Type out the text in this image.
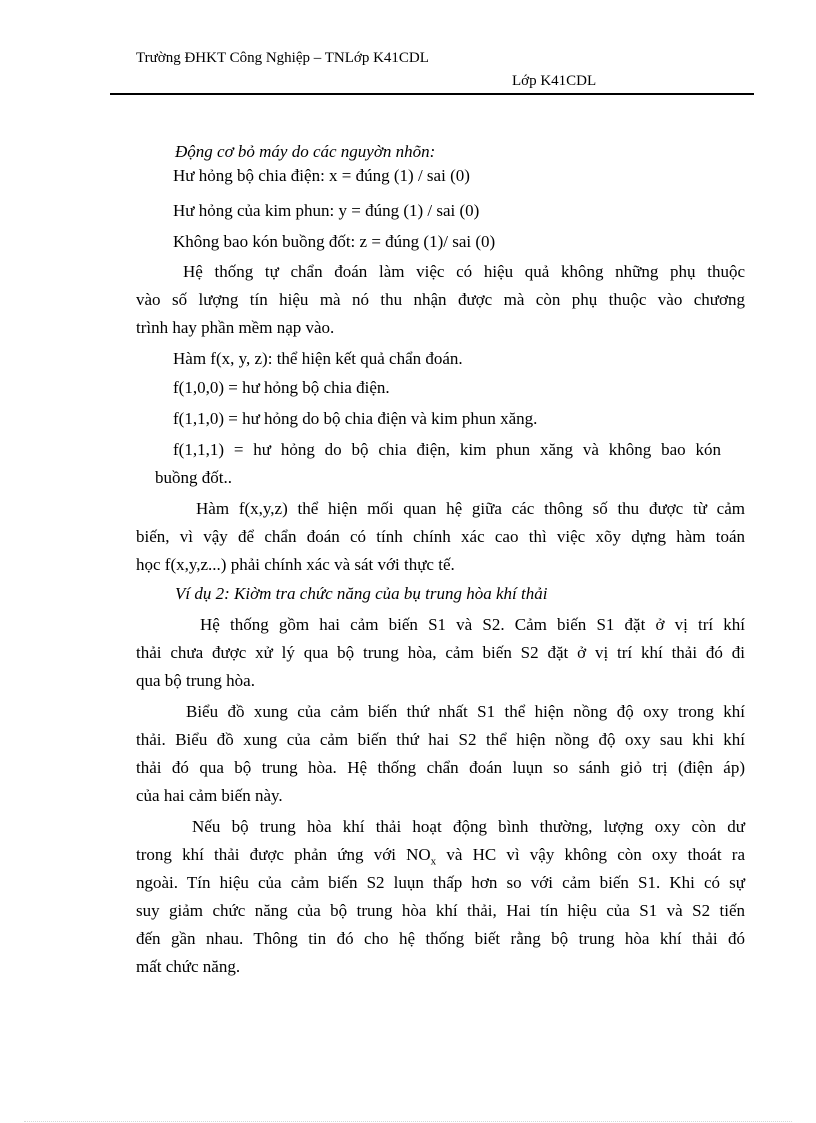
Trường ĐHKT Công Nghiệp – TNLớp K41CDL
Lớp K41CDL
Động cơ bỏ máy do các nguyờn nhõn:
Hư hỏng bộ chia điện: x = đúng (1) / sai (0)
Hư hỏng của kim phun: y = đúng (1) / sai (0)
Không bao kón buồng đốt: z = đúng (1)/ sai (0)
Hệ thống tự chẩn đoán làm việc có hiệu quả không những phụ thuộc
vào số lượng tín hiệu mà nó thu nhận được mà còn phụ thuộc vào chương
trình hay phần mềm nạp vào.
Hàm f(x, y, z): thể hiện kết quả chẩn đoán.
f(1,0,0) = hư hỏng bộ chia điện.
f(1,1,0) = hư hỏng do bộ chia điện và kim phun xăng.
f(1,1,1) = hư hỏng do bộ chia điện, kim phun xăng và không bao kón
buồng đốt..
Hàm f(x,y,z) thể hiện mối quan hệ giữa các thông số thu được từ cảm
biến, vì vậy để chẩn đoán có tính chính xác cao thì việc xõy dựng hàm toán
học f(x,y,z...) phải chính xác và sát với thực tế.
Ví dụ 2: Kiờm tra chức năng của bụ trung hòa khí thải
Hệ thống gồm hai cảm biến S1 và S2. Cảm biến S1 đặt ở vị trí khí
thải chưa được xử lý qua bộ trung hòa, cảm biến S2 đặt ở vị trí khí thải đó đi
qua bộ trung hòa.
Biểu đồ xung của cảm biến thứ nhất S1 thể hiện nồng độ oxy trong khí
thải. Biểu đồ xung của cảm biến thứ hai S2 thể hiện nồng độ oxy sau khi khí
thải đó qua bộ trung hòa. Hệ thống chẩn đoán luụn so sánh giỏ trị (điện áp)
của hai cảm biến này.
Nếu bộ trung hòa khí thải hoạt động bình thường, lượng oxy còn dư
trong khí thải được phản ứng với $NO_x$ và HC vì vậy không còn oxy thoát ra
ngoài. Tín hiệu của cảm biến S2 luụn thấp hơn so với cảm biến S1. Khi có sự
suy giảm chức năng của bộ trung hòa khí thải, Hai tín hiệu của S1 và S2 tiến
đến gần nhau. Thông tin đó cho hệ thống biết rằng bộ trung hòa khí thải đó
mất chức năng.
